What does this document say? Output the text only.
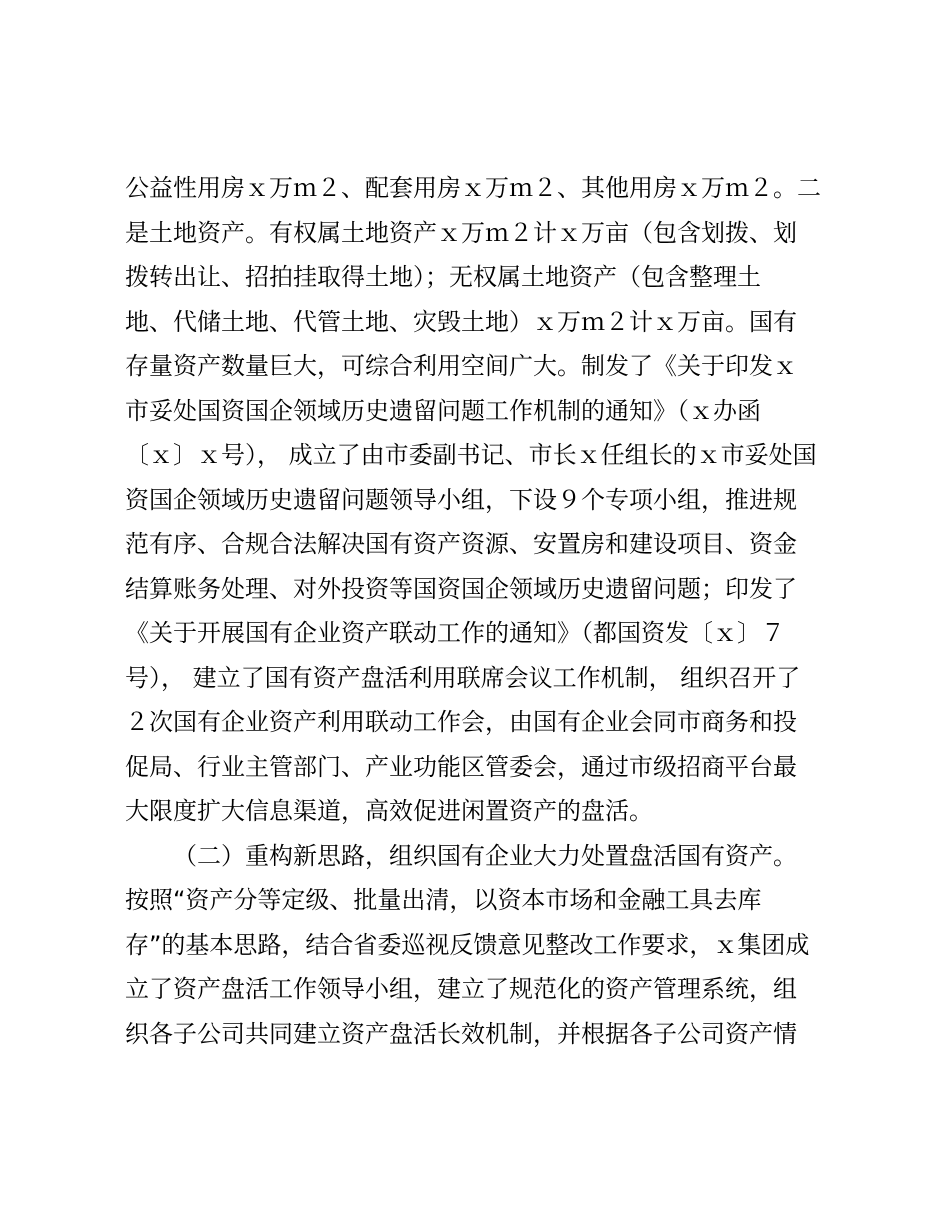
公益性用房ｘ万ｍ２、配套用房ｘ万ｍ２、其他用房ｘ万ｍ２。二
是土地资产。有权属土地资产ｘ万ｍ２计ｘ万亩（包含划拨、划
拨转出让、招拍挂取得土地）；无权属土地资产（包含整理土
地、代储土地、代管土地、灾毁土地）ｘ万ｍ２计ｘ万亩。国有
存量资产数量巨大，可综合利用空间广大。制发了《关于印发ｘ
市妥处国资国企领域历史遗留问题工作机制的通知》（ｘ办函
〔ｘ〕ｘ号）， 成立了由市委副书记、市长ｘ任组长的ｘ市妥处国
资国企领域历史遗留问题领导小组，下设９个专项小组，推进规
范有序、合规合法解决国有资产资源、安置房和建设项目、资金
结算账务处理、对外投资等国资国企领域历史遗留问题；印发了
《关于开展国有企业资产联动工作的通知》（都国资发〔ｘ〕７
号）， 建立了国有资产盘活利用联席会议工作机制， 组织召开了
２次国有企业资产利用联动工作会，由国有企业会同市商务和投
促局、行业主管部门、产业功能区管委会，通过市级招商平台最
大限度扩大信息渠道，高效促进闲置资产的盘活。
（二）重构新思路，组织国有企业大力处置盘活国有资产。
按照“资产分等定级、批量出清，以资本市场和金融工具去库
存”的基本思路，结合省委巡视反馈意见整改工作要求，ｘ集团成
立了资产盘活工作领导小组，建立了规范化的资产管理系统，组
织各子公司共同建立资产盘活长效机制，并根据各子公司资产情
